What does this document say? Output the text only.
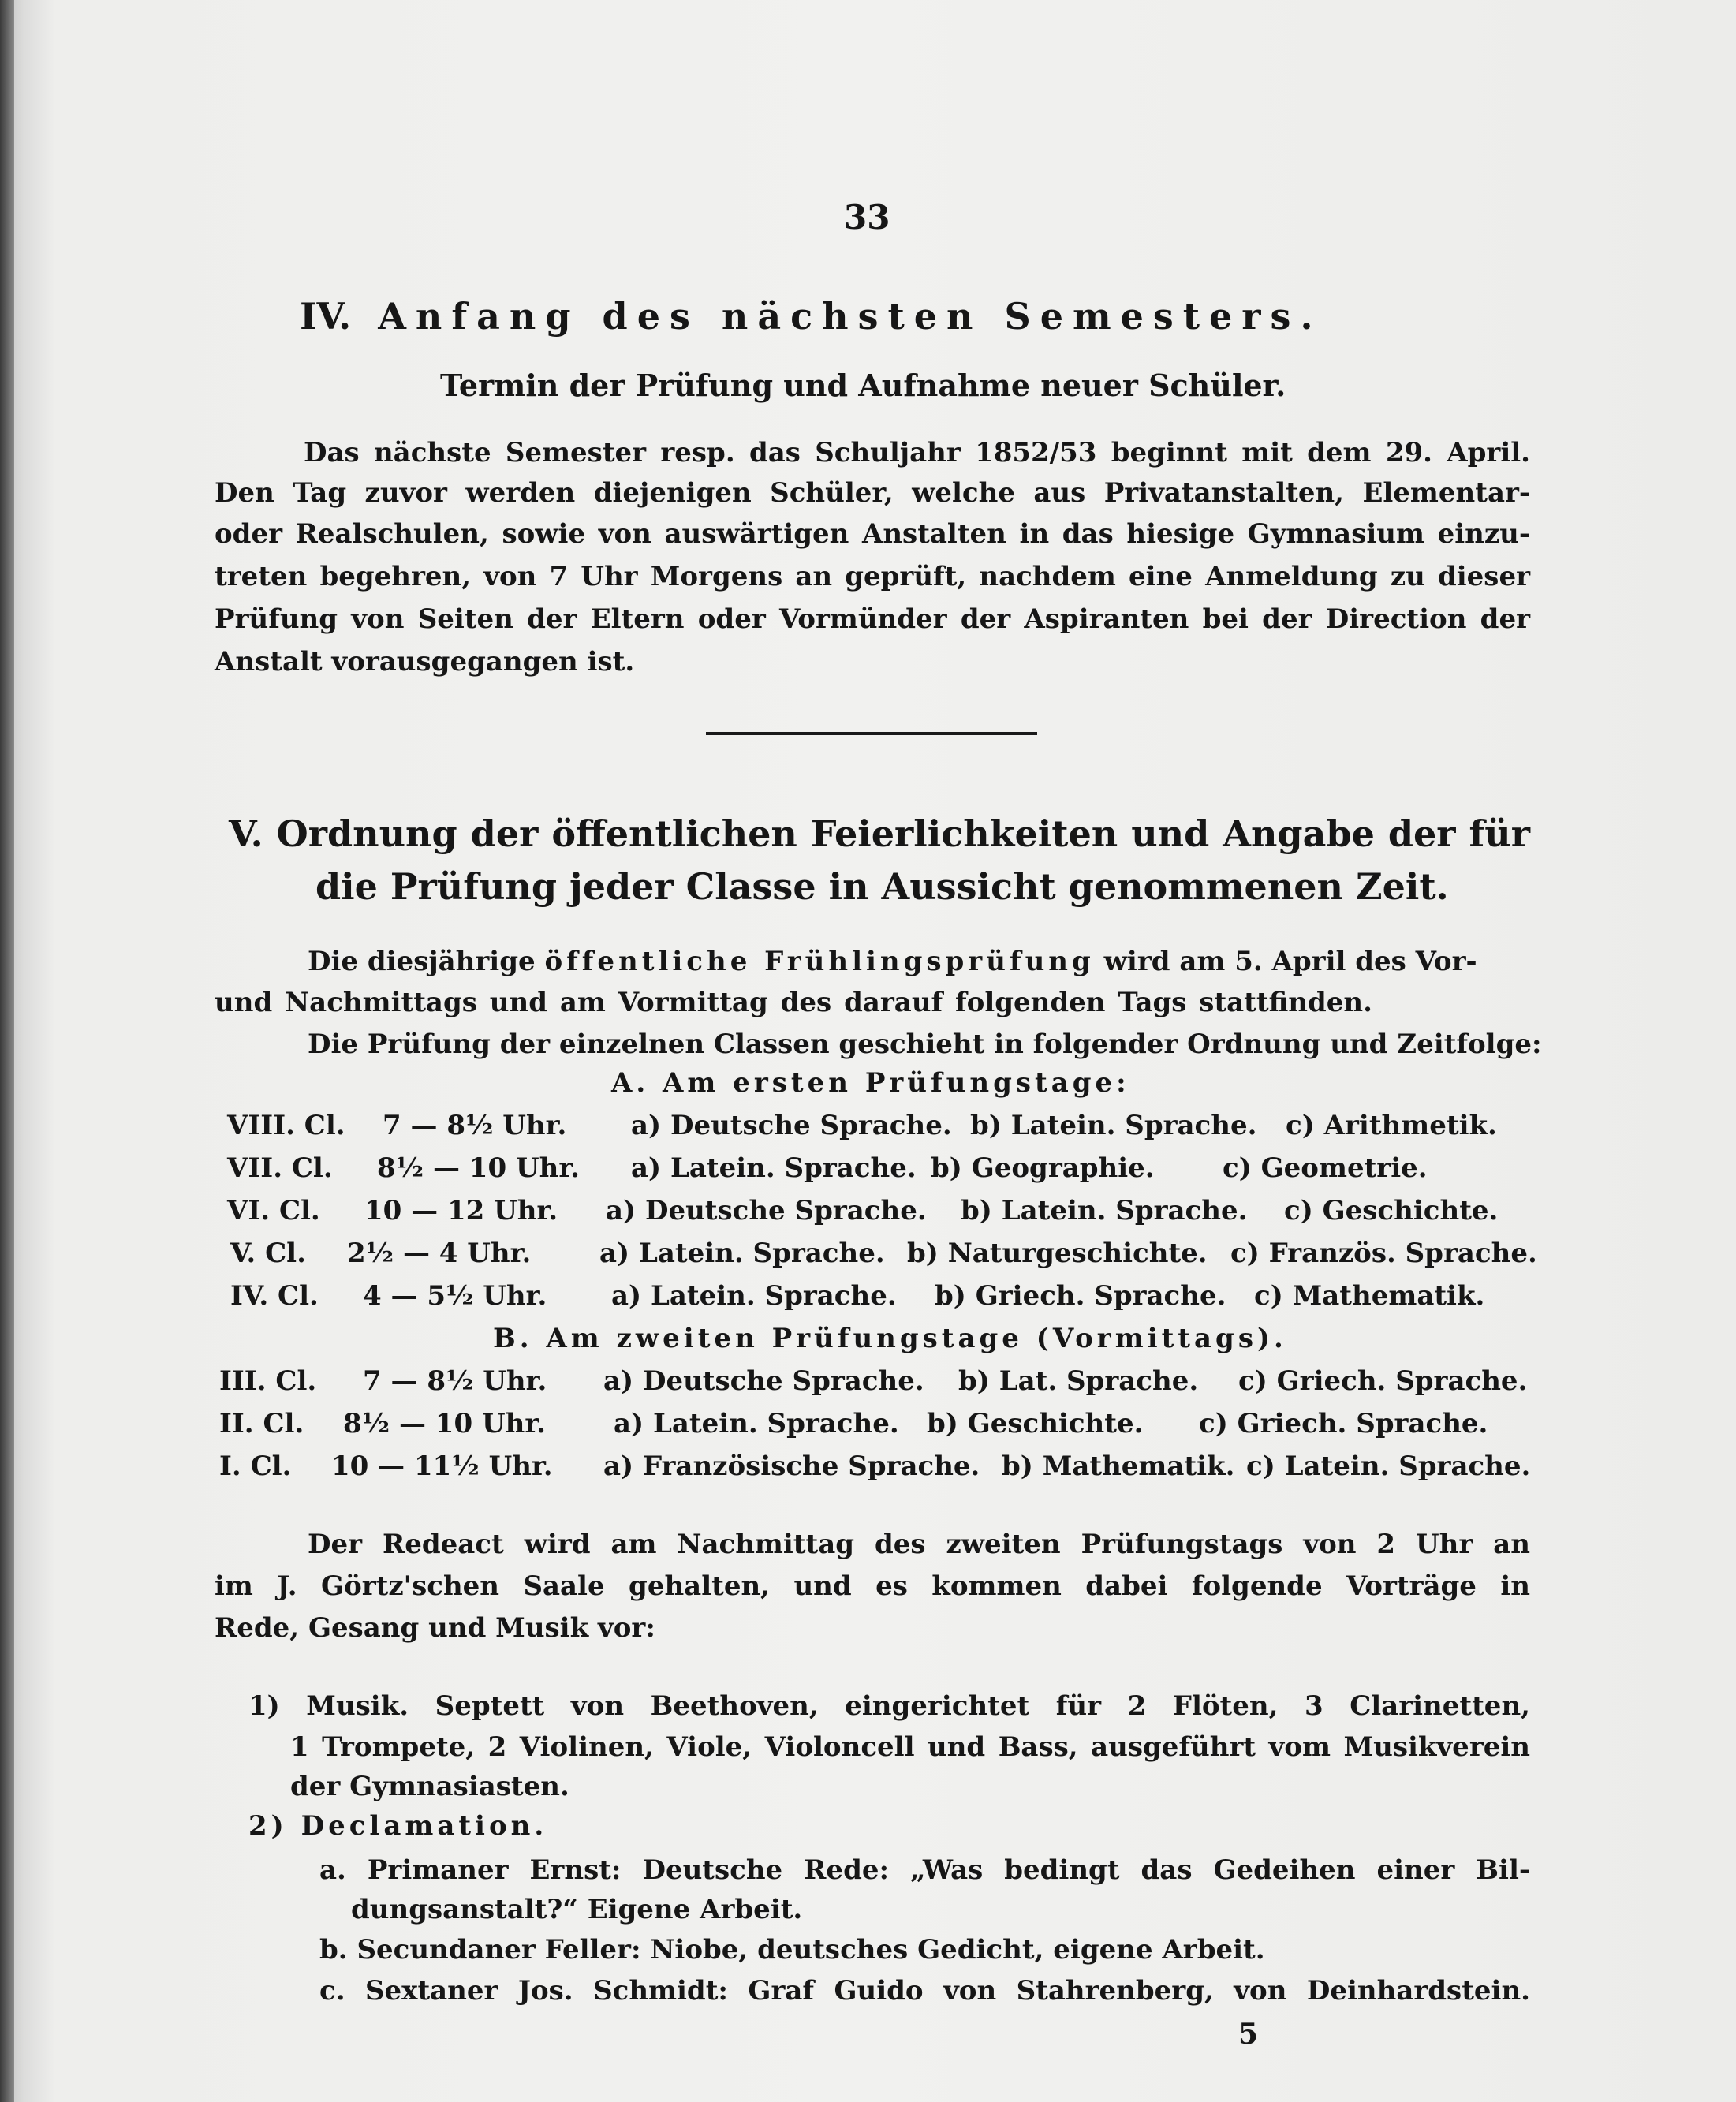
33
IV. Anfang des nächsten Semesters.
Termin der Prüfung und Aufnahme neuer Schüler.
Das nächste Semester resp. das Schuljahr 1852/53 beginnt mit dem 29. April.
Den Tag zuvor werden diejenigen Schüler, welche aus Privatanstalten, Elementar-
oder Realschulen, sowie von auswärtigen Anstalten in das hiesige Gymnasium einzu-
treten begehren, von 7 Uhr Morgens an geprüft, nachdem eine Anmeldung zu dieser
Prüfung von Seiten der Eltern oder Vormünder der Aspiranten bei der Direction der
Anstalt vorausgegangen ist.
V. Ordnung der öffentlichen Feierlichkeiten und Angabe der für
die Prüfung jeder Classe in Aussicht genommenen Zeit.
Die diesjährige öffentliche Frühlingsprüfung wird am 5. April des Vor-
und Nachmittags und am Vormittag des darauf folgenden Tags stattfinden.
Die Prüfung der einzelnen Classen geschieht in folgender Ordnung und Zeitfolge:
A. Am ersten Prüfungstage:
VIII. Cl. 7 — 8½ Uhr. a) Deutsche Sprache. b) Latein. Sprache. c) Arithmetik.
VII. Cl. 8½ — 10 Uhr. a) Latein. Sprache. b) Geographie.	c) Geometrie.
VI. Cl. 10 — 12 Uhr. a) Deutsche Sprache. b) Latein. Sprache. c) Geschichte.
V. Cl. 2½ — 4 Uhr.	a) Latein. Sprache. b) Naturgeschichte. c) Französ. Sprache.
IV. Cl. 4 — 5½ Uhr. a) Latein. Sprache. b) Griech. Sprache. c) Mathematik.
B. Am zweiten Prüfungstage (Vormittags).
III. Cl. 7 — 8½ Uhr. a) Deutsche Sprache. b) Lat. Sprache. c) Griech. Sprache.
II. Cl. 8½ — 10 Uhr.	a) Latein. Sprache. b) Geschichte. c) Griech. Sprache.
I. Cl. 10 — 11½ Uhr. a) Französische Sprache. b) Mathematik. c) Latein. Sprache.
Der Redeact wird am Nachmittag des zweiten Prüfungstags von 2 Uhr an
im J. Görtz'schen Saale gehalten, und es kommen dabei folgende Vorträge in
Rede, Gesang und Musik vor:
1) Musik. Septett von Beethoven, eingerichtet für 2 Flöten, 3 Clarinetten,
1 Trompete, 2 Violinen, Viole, Violoncell und Bass, ausgeführt vom Musikverein
der Gymnasiasten.
2) Declamation.
a. Primaner Ernst: Deutsche Rede: „Was bedingt das Gedeihen einer Bil-
dungsanstalt?“ Eigene Arbeit.
b. Secundaner Feller: Niobe, deutsches Gedicht, eigene Arbeit.
c. Sextaner Jos. Schmidt: Graf Guido von Stahrenberg, von Deinhardstein.
5
